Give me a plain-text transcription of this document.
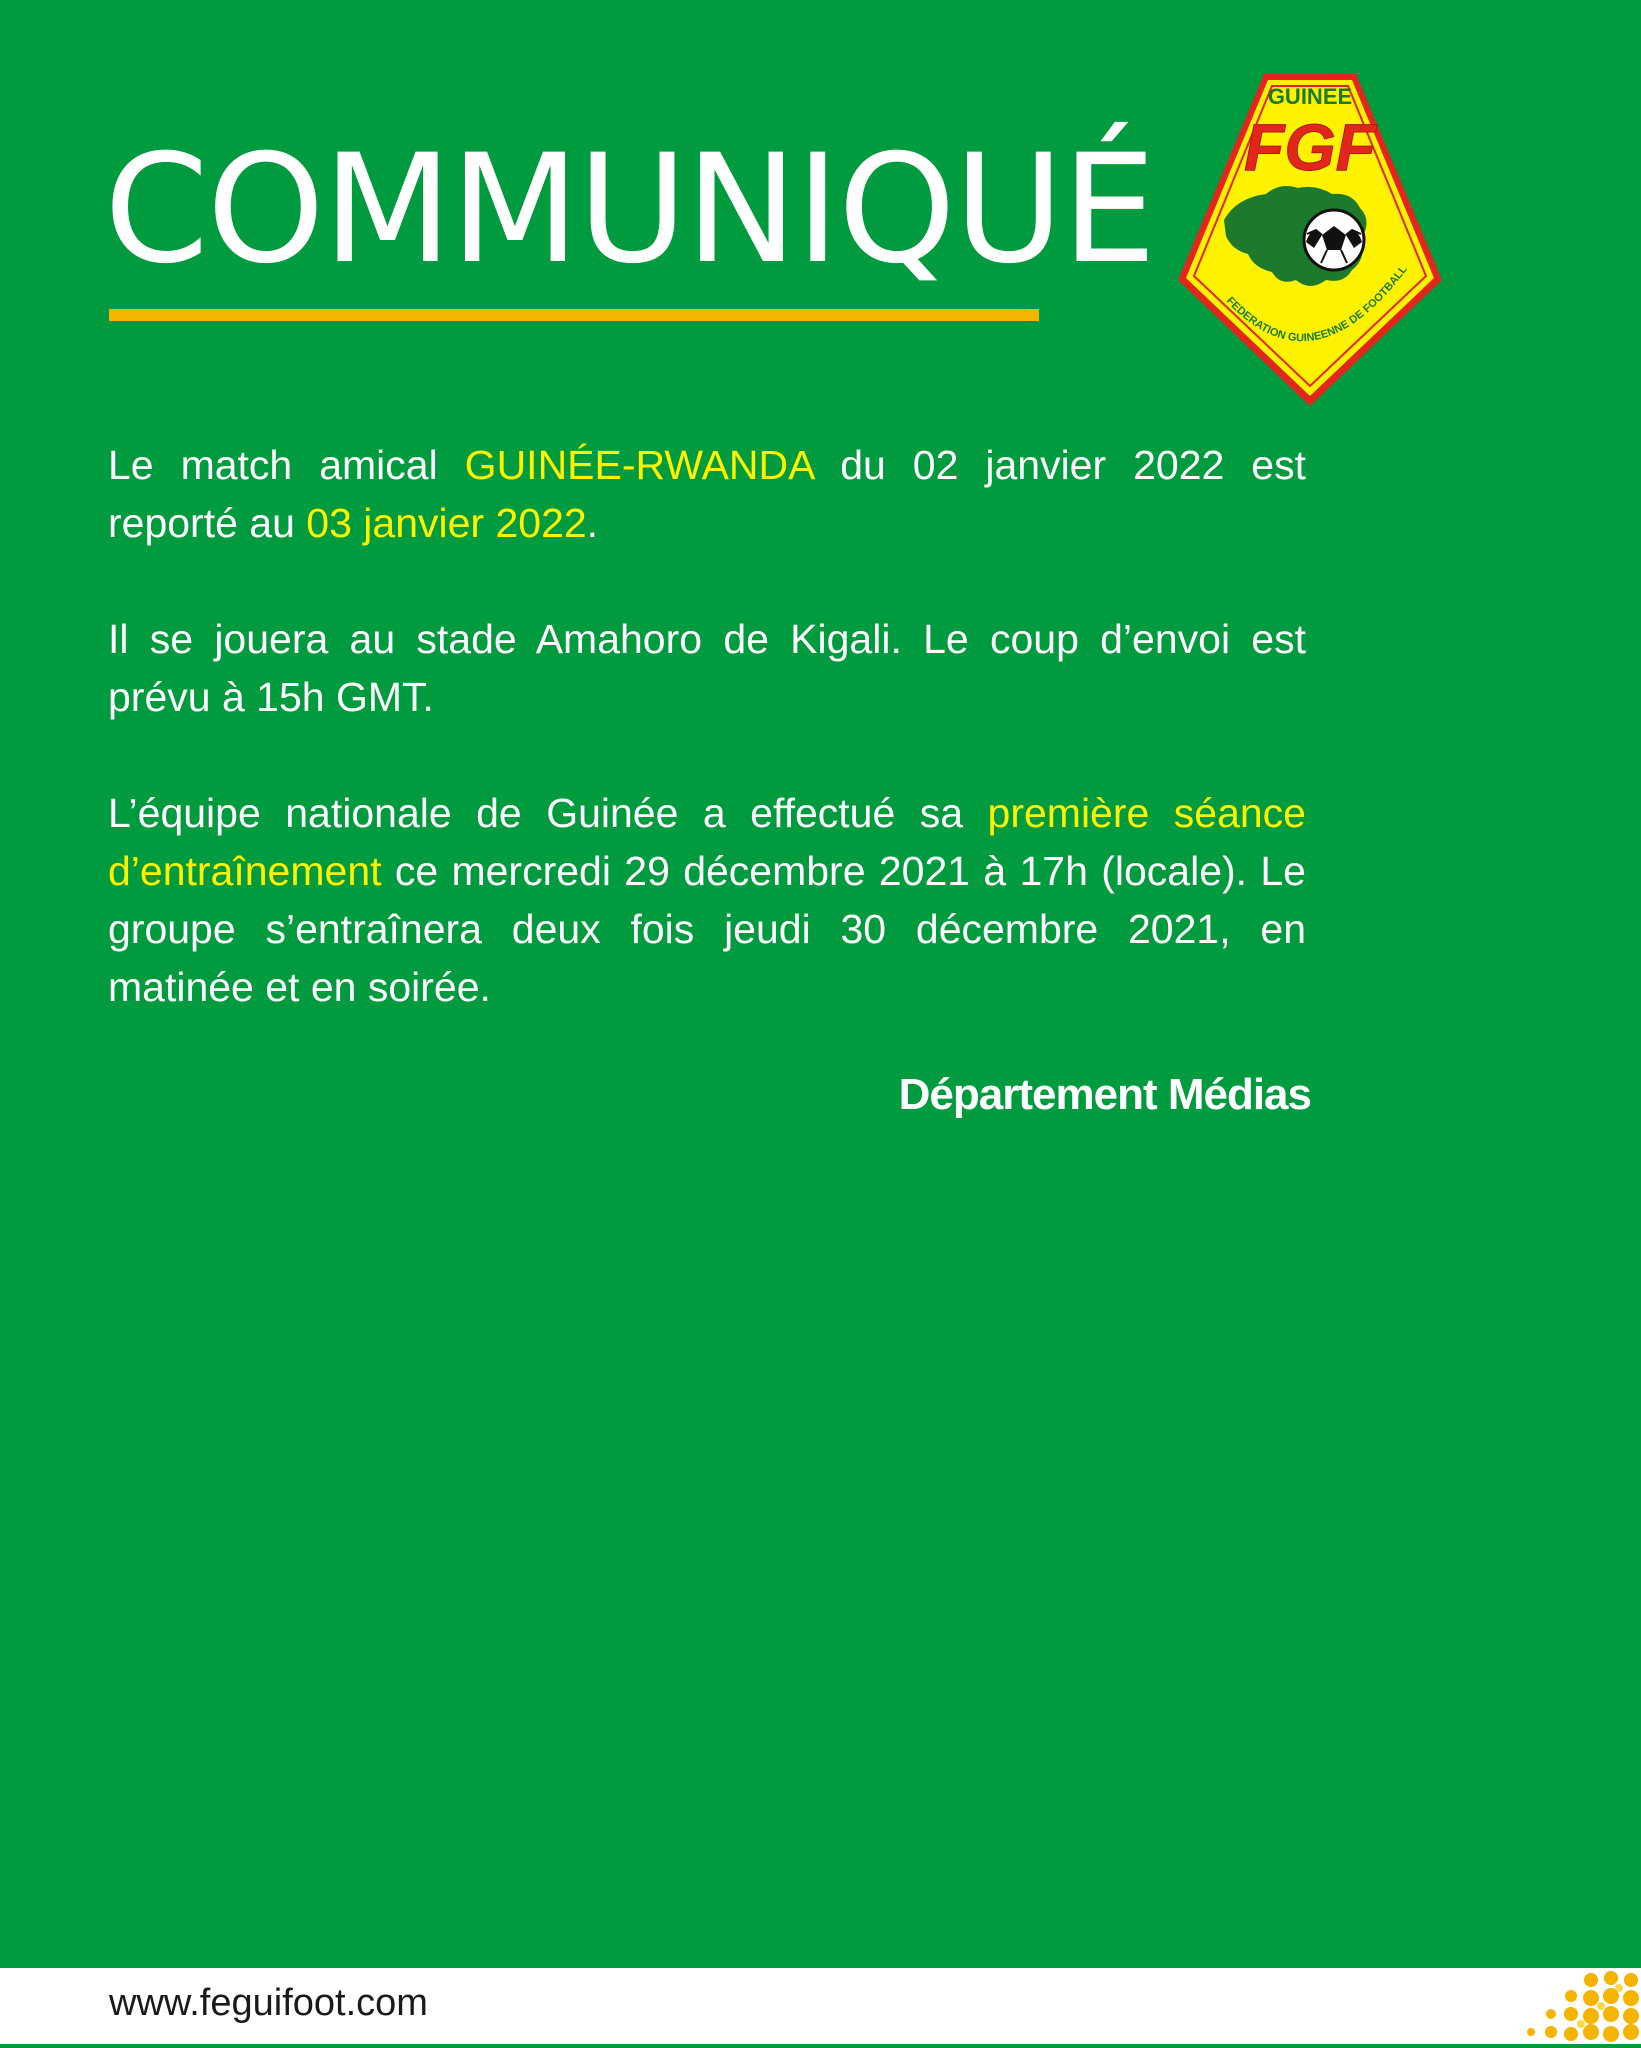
COMMUNIQUÉ
GUINEE
FGF
FEDERATION GUINEENNE DE FOOTBALL

Le match amical GUINÉE-RWANDA du 02 janvier 2022 est reporté au 03 janvier 2022.

Il se jouera au stade Amahoro de Kigali. Le coup d’envoi est prévu à 15h GMT.

L’équipe nationale de Guinée a effectué sa première séance d’entraînement ce mercredi 29 décembre 2021 à 17h (locale). Le groupe s’entraînera deux fois jeudi 30 décembre 2021, en matinée et en soirée.

Département Médias
www.feguifoot.com
